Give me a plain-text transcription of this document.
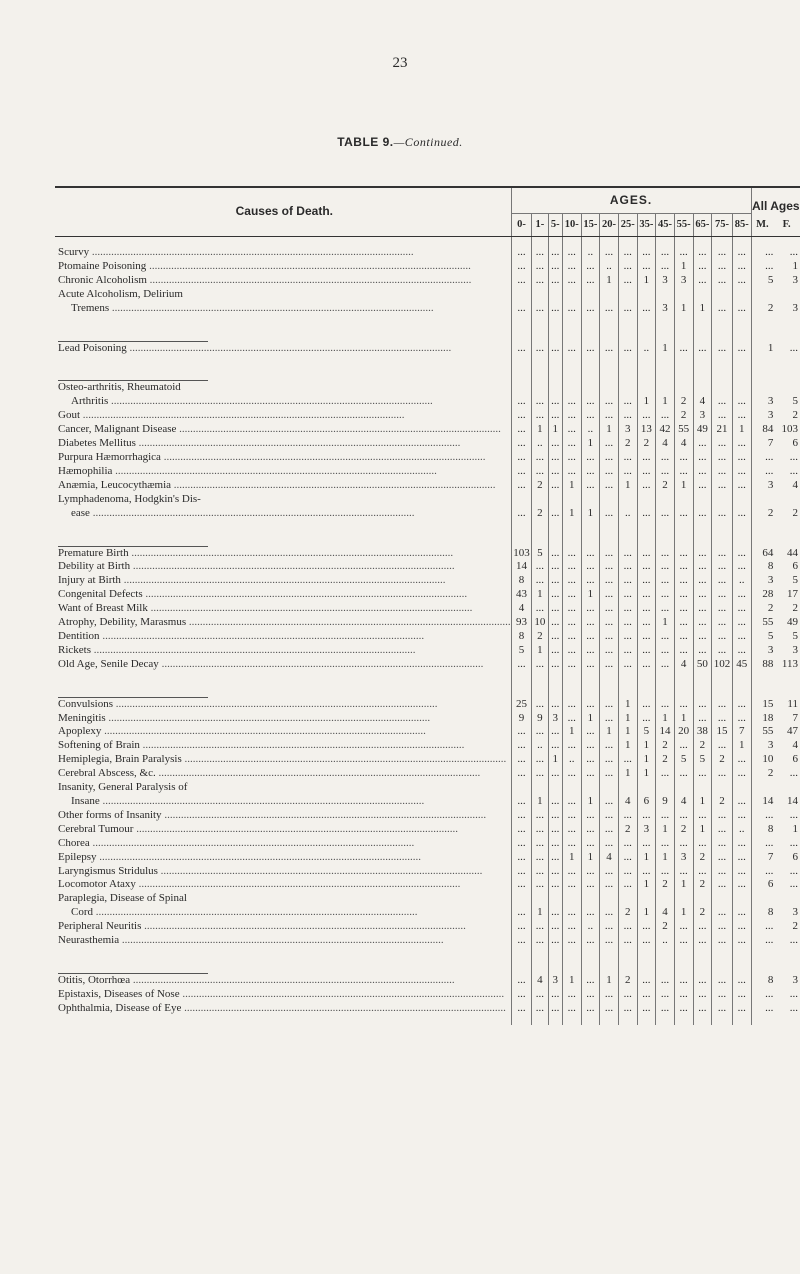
23
TABLE 9.—Continued.
Causes of Death.	AGES.													All Ages	
	0-	1-	5-	10-	15-	20-	25-	35-	45-	55-	65-	75-	85-	M.	F.

Scurvy .....	...	...	...	...	..	...	...	...	...	...	...	...	...	...	...
Ptomaine Poisoning .....	...	...	...	...	...	..	...	...	...	1	...	...	...	...	1
Chronic Alcoholism .....	...	...	...	...	...	1	...	1	3	3	...	...	...	5	3
Acute Alcoholism, Delirium															
Tremens .....	...	...	...	...	...	...	...	...	3	1	1	...	...	2	3

Lead Poisoning .....	...	...	...	...	...	...	...	..	1	...	...	...	...	1	...

Osteo-arthritis, Rheumatoid															
Arthritis .....	...	...	...	...	...	...	...	1	1	2	4	...	...	3	5
Gout .....	...	...	...	...	...	...	...	...	...	2	3	...	...	3	2
Cancer, Malignant Disease .....	...	1	1	...	..	1	3	13	42	55	49	21	1	84	103
Diabetes Mellitus .....	...	..	...	...	1	...	2	2	4	4	...	...	...	7	6
Purpura Hæmorrhagica .....	...	...	...	...	...	...	...	...	...	...	...	...	...	...	...
Hæmophilia .....	...	...	...	...	...	...	...	...	...	...	...	...	...	...	...
Anæmia, Leucocythæmia .....	...	2	...	1	...	...	1	...	2	1	...	...	...	3	4
Lymphadenoma, Hodgkin's Dis-															
ease .....	...	2	...	1	1	...	..	...	...	...	...	...	...	2	2

Premature Birth .....	103	5	...	...	...	...	...	...	...	...	...	...	...	64	44
Debility at Birth .....	14	...	...	...	...	...	...	...	...	...	...	...	...	8	6
Injury at Birth .....	8	...	...	...	...	...	...	...	...	...	...	...	..	3	5
Congenital Defects .....	43	1	...	...	1	...	...	...	...	...	...	...	...	28	17
Want of Breast Milk .....	4	...	...	...	...	...	...	...	...	...	...	...	...	2	2
Atrophy, Debility, Marasmus .....	93	10	...	...	...	...	...	...	1	...	...	...	...	55	49
Dentition .....	8	2	...	...	...	...	...	...	...	...	...	...	...	5	5
Rickets .....	5	1	...	...	...	...	...	...	...	...	...	...	...	3	3
Old Age, Senile Decay .....	...	...	...	...	...	...	...	...	...	4	50	102	45	88	113

Convulsions .....	25	...	...	...	...	...	1	...	...	...	...	...	...	15	11
Meningitis .....	9	9	3	...	1	...	1	...	1	1	...	...	...	18	7
Apoplexy .....	...	...	...	1	...	1	1	5	14	20	38	15	7	55	47
Softening of Brain .....	...	..	...	...	...	...	1	1	2	...	2	...	1	3	4
Hemiplegia, Brain Paralysis .....	...	...	1	..	...	...	...	1	2	5	5	2	...	10	6
Cerebral Abscess, &c. .....	...	...	...	...	...	...	1	1	...	...	...	...	...	2	...
Insanity, General Paralysis of															
Insane .....	...	1	...	...	1	...	4	6	9	4	1	2	...	14	14
Other forms of Insanity .....	...	...	...	...	...	...	...	...	...	...	...	...	...	...	...
Cerebral Tumour .....	...	...	...	...	...	...	2	3	1	2	1	...	..	8	1
Chorea .....	...	...	...	...	...	...	...	...	...	...	...	...	...	...	...
Epilepsy .....	...	...	...	1	1	4	...	1	1	3	2	...	...	7	6
Laryngismus Stridulus .....	...	...	...	...	...	...	...	...	...	...	...	...	...	...	...
Locomotor Ataxy .....	...	...	...	...	...	...	...	1	2	1	2	...	...	6	...
Paraplegia, Disease of Spinal															
Cord .....	...	1	...	...	...	...	2	1	4	1	2	...	...	8	3
Peripheral Neuritis .....	...	...	...	...	..	...	...	...	2	...	...	...	...	...	2
Neurasthemia .....	...	...	...	...	...	...	...	...	..	...	...	...	...	...	...

Otitis, Otorrhœa .....	...	4	3	1	...	1	2	...	...	...	...	...	...	8	3
Epistaxis, Diseases of Nose .....	...	...	...	...	...	...	...	...	...	...	...	...	...	...	...
Ophthalmia, Disease of Eye .....	...	...	...	...	...	...	...	...	...	...	...	...	...	...	...
